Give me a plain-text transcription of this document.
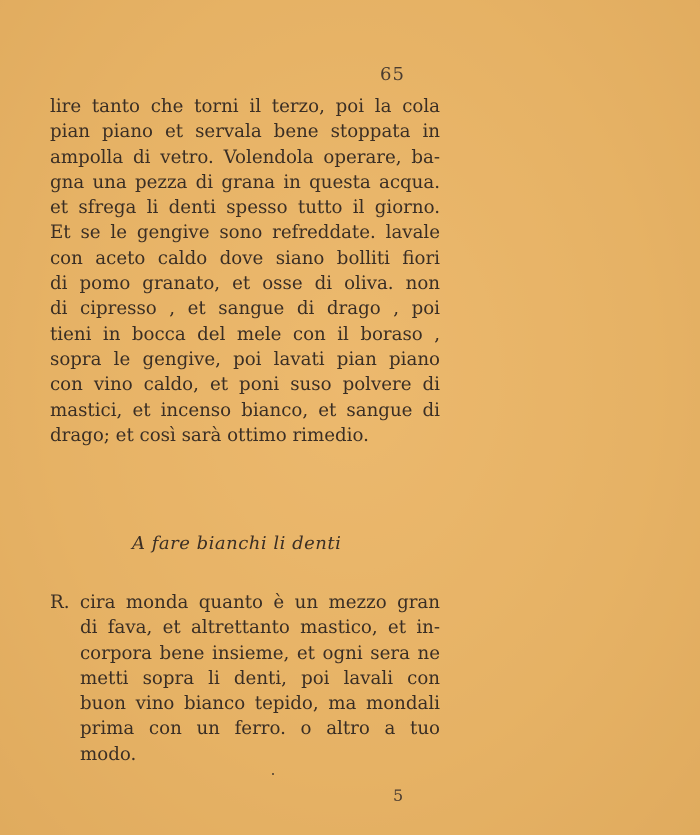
65
lire tanto che torni il terzo, poi la cola
pian piano et servala bene stoppata in
ampolla di vetro. Volendola operare, ba-
gna una pezza di grana in questa acqua.
et sfrega li denti spesso tutto il giorno.
Et se le gengive sono refreddate. lavale
con aceto caldo dove siano bolliti fiori
di pomo granato, et osse di oliva. non
di cipresso , et sangue di drago , poi
tieni in bocca del mele con il boraso ,
sopra le gengive, poi lavati pian piano
con vino caldo, et poni suso polvere di
mastici, et incenso bianco, et sangue di
drago; et così sarà ottimo rimedio.
A fare bianchi li denti
R. cira monda quanto è un mezzo gran
di fava, et altrettanto mastico, et in-
corpora bene insieme, et ogni sera ne
metti sopra li denti, poi lavali con
buon vino bianco tepido, ma mondali
prima con un ferro. o altro a tuo
modo.
5
